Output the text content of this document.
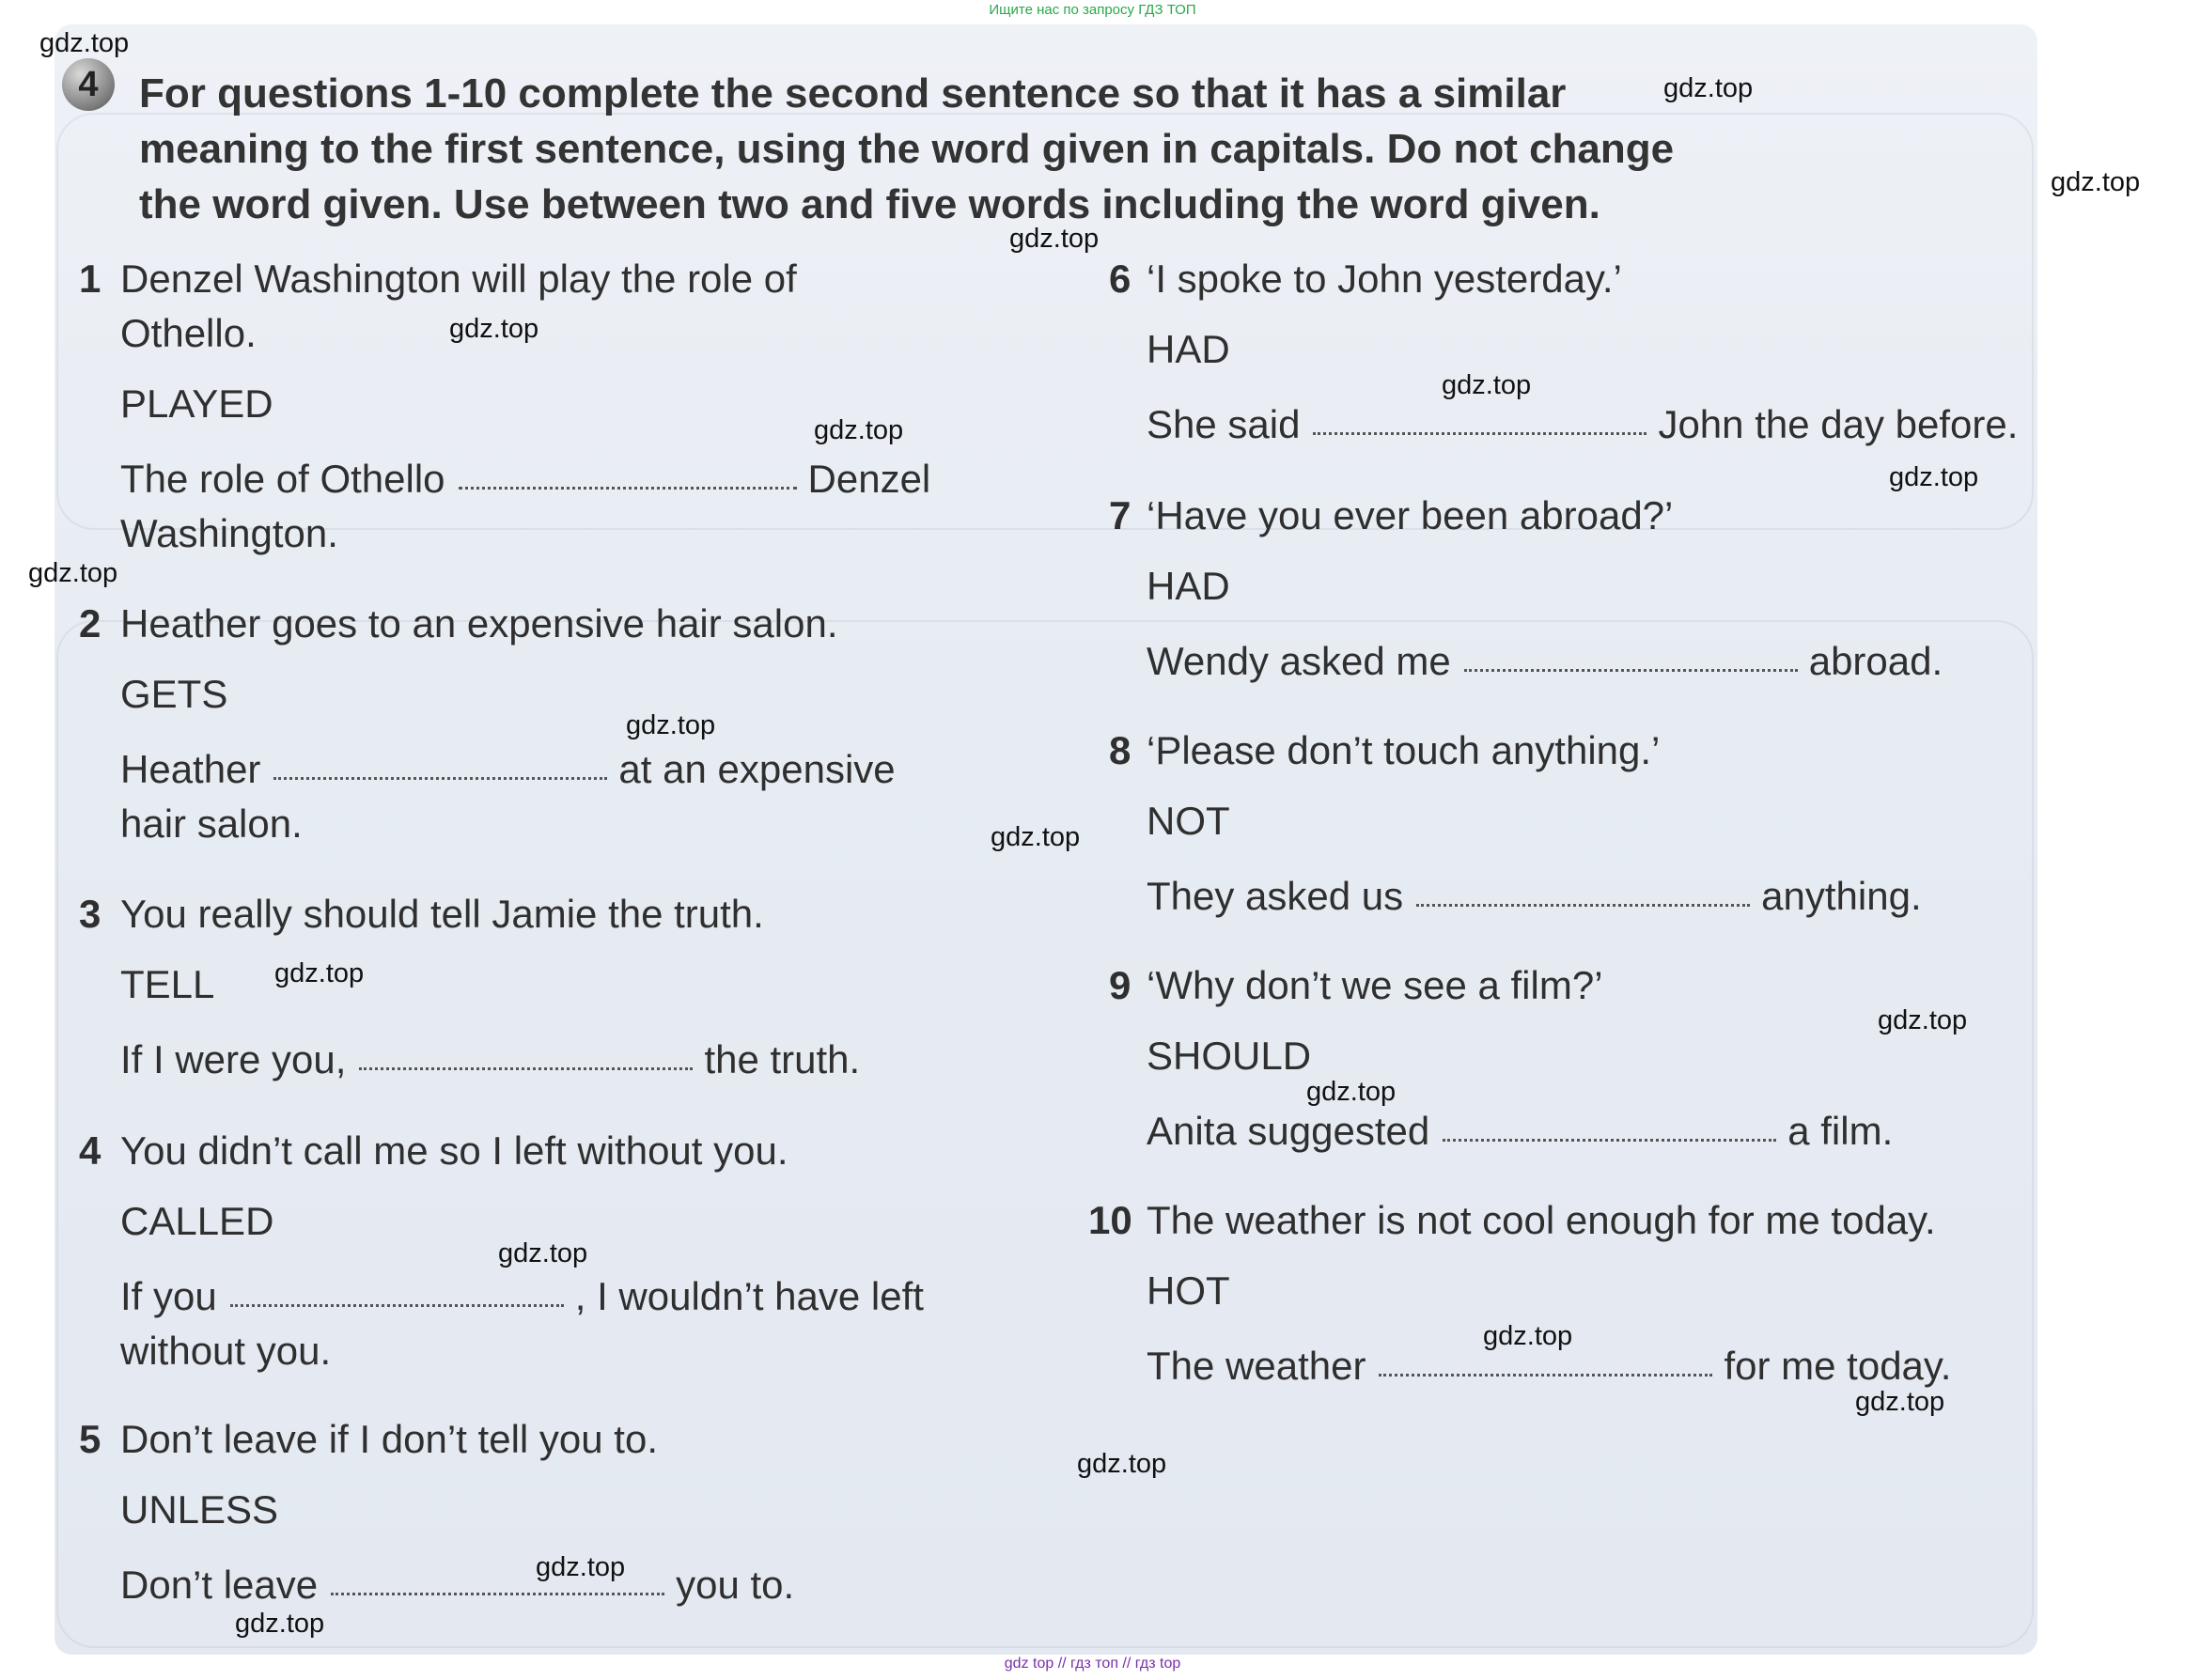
Ищите нас по запросу ГДЗ ТОП
gdz top // гдз топ // гдз top
4 For questions 1-10 complete the second sentence so that it has a similar
meaning to the first sentence, using the word given in capitals. Do not change
the word given. Use between two and five words including the word given.
1 Denzel Washington will play the role of
Othello.
PLAYED
The role of Othello	Denzel
Washington.
2 Heather goes to an expensive hair salon.
GETS
Heather	at an expensive
hair salon.
3 You really should tell Jamie the truth.
TELL
If I were you,	the truth.
4 You didn’t call me so I left without you.
CALLED
If you	, I wouldn’t have left
without you.
5 Don’t leave if I don’t tell you to.
UNLESS
Don’t leave	you to.
6 ‘I spoke to John yesterday.’
HAD
She said	John the day before.
7 ‘Have you ever been abroad?’
HAD
Wendy asked me	abroad.
8 ‘Please don’t touch anything.’
NOT
They asked us	anything.
9 ‘Why don’t we see a film?’
SHOULD
Anita suggested	a film.
10 The weather is not cool enough for me today.
HOT
The weather	for me today.
gdz.top
gdz.top
gdz.top
gdz.top
gdz.top
gdz.top
gdz.top
gdz.top
gdz.top
gdz.top
gdz.top
gdz.top
gdz.top
gdz.top
gdz.top
gdz.top
gdz.top
gdz.top
gdz.top
gdz.top
